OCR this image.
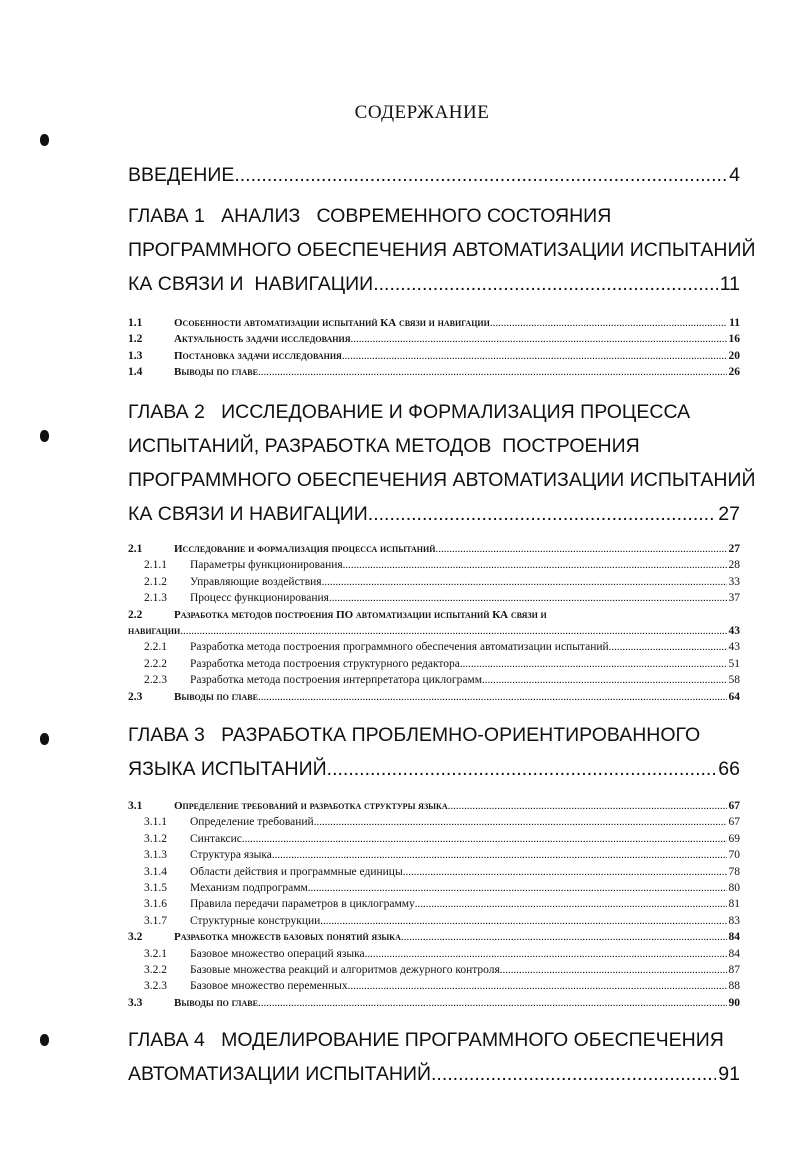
СОДЕРЖАНИЕ
ВВЕДЕНИЕ .....	4
ГЛАВА 1   АНАЛИЗ   СОВРЕМЕННОГО СОСТОЯНИЯ
ПРОГРАММНОГО ОБЕСПЕЧЕНИЯ АВТОМАТИЗАЦИИ ИСПЫТАНИЙ
КА СВЯЗИ И  НАВИГАЦИИ .....	11
1.1	Особенности автоматизации испытаний КА связи и навигации .....	11
1.2	Актуальность задачи исследования .....	16
1.3	Постановка задачи исследования .....	20
1.4	Выводы по главе .....	26
ГЛАВА 2   ИССЛЕДОВАНИЕ И ФОРМАЛИЗАЦИЯ ПРОЦЕССА
ИСПЫТАНИЙ, РАЗРАБОТКА МЕТОДОВ  ПОСТРОЕНИЯ
ПРОГРАММНОГО ОБЕСПЕЧЕНИЯ АВТОМАТИЗАЦИИ ИСПЫТАНИЙ
КА СВЯЗИ И НАВИГАЦИИ .....	27
2.1	Исследование и формализация процесса испытаний .....	27
2.1.1	Параметры функционирования .....	28
2.1.2	Управляющие воздействия .....	33
2.1.3	Процесс функционирования .....	37
2.2	Разработка методов построения ПО автоматизации испытаний КА связи и
навигации .....	43
2.2.1	Разработка метода построения программного обеспечения автоматизации испытаний .....	43
2.2.2	Разработка метода построения структурного редактора .....	51
2.2.3	Разработка метода построения интерпретатора циклограмм .....	58
2.3	Выводы по главе .....	64
ГЛАВА 3   РАЗРАБОТКА ПРОБЛЕМНО-ОРИЕНТИРОВАННОГО
ЯЗЫКА ИСПЫТАНИЙ .....	66
3.1	Определение требований и разработка структуры языка .....	67
3.1.1	Определение требований .....	67
3.1.2	Синтаксис .....	69
3.1.3	Структура языка .....	70
3.1.4	Области действия и программные единицы .....	78
3.1.5	Механизм подпрограмм .....	80
3.1.6	Правила передачи параметров в циклограмму .....	81
3.1.7	Структурные конструкции .....	83
3.2	Разработка множеств базовых понятий языка .....	84
3.2.1	Базовое множество операций языка .....	84
3.2.2	Базовые множества реакций и алгоритмов дежурного контроля .....	87
3.2.3	Базовое множество переменных .....	88
3.3	Выводы по главе .....	90
ГЛАВА 4   МОДЕЛИРОВАНИЕ ПРОГРАММНОГО ОБЕСПЕЧЕНИЯ
АВТОМАТИЗАЦИИ ИСПЫТАНИЙ .....	91
